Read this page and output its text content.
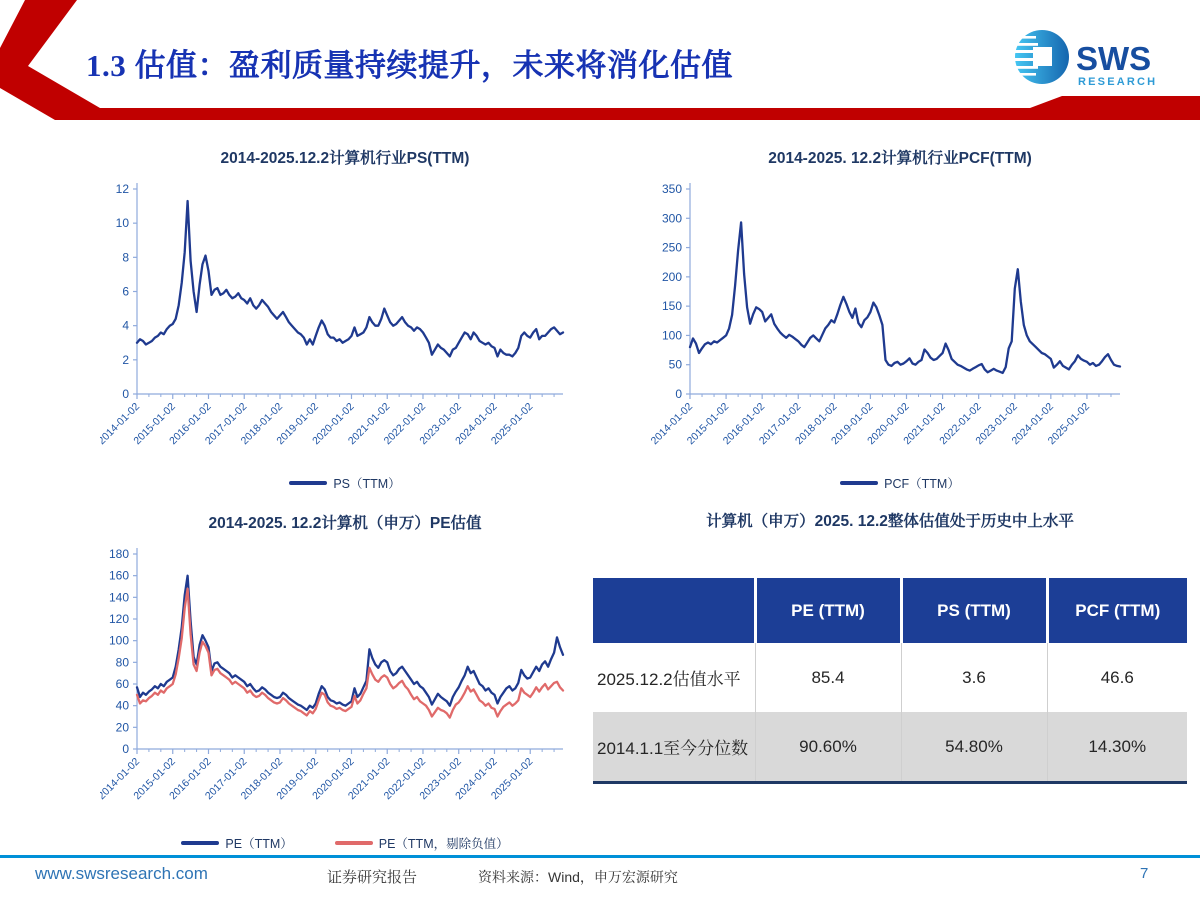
1.3 估值：盈利质量持续提升，未来将消化估值	SWS
RESEARCH
2014-2025.12.2计算机行业PS(TTM)
0
2
4
6
8
10
12
2014-01-02
2015-01-02
2016-01-02
2017-01-02
2018-01-02
2019-01-02
2020-01-02
2021-01-02
2022-01-02
2023-01-02
2024-01-02
2025-01-02
PS（TTM）
2014-2025. 12.2计算机行业PCF(TTM)
0
50
100
150
200
250
300
350
2014-01-02
2015-01-02
2016-01-02
2017-01-02
2018-01-02
2019-01-02
2020-01-02
2021-01-02
2022-01-02
2023-01-02
2024-01-02
2025-01-02
PCF（TTM）
2014-2025. 12.2计算机（申万）PE估值
0
20
40
60
80
100
120
140
160
180
2014-01-02
2015-01-02
2016-01-02
2017-01-02
2018-01-02
2019-01-02
2020-01-02
2021-01-02
2022-01-02
2023-01-02
2024-01-02
2025-01-02
PE（TTM）	PE（TTM，剔除负值）
计算机（申万）2025. 12.2整体估值处于历史中上水平
	PE (TTM)	PS (TTM)	PCF (TTM)
2025.12.2估值水平	85.4	3.6	46.6
2014.1.1至今分位数	90.60%	54.80%	14.30%
www.swsresearch.com	证券研究报告	资料来源：Wind，申万宏源研究	7
